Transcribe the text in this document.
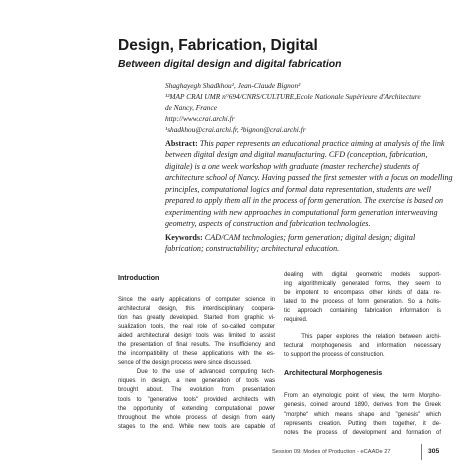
Design, Fabrication, Digital

Between digital design and digital fabrication

Shaghayegh Shadkhou¹, Jean-Claude Bignon²
¹²MAP CRAI UMR n°694/CNRS/CULTURE,Ecole Nationale Supérieure d'Architecture
de Nancy, France
http://www.crai.archi.fr
¹shadkhou@crai.archi.fr, ²bignon@crai.archi.fr

Abstract: This paper represents an educational practice aiming at analysis of the link between digital design and digital manufacturing. CFD (conception, fabrication, digitale) is a one week workshop with graduate (master recherche) students of architecture school of Nancy. Having passed the first semester with a focus on modelling principles, computational logics and formal data representation, students are well prepared to apply them all in the process of form generation. The exercise is based on experimenting with new approaches in computational form generation interweaving geometry, aspects of construction and fabrication technologies.

Keywords: CAD/CAM technologies; form generation; digital design; digital fabrication; constructability; architectural education.

Introduction
Since the early applications of computer science in
architectural design, this interdisciplinary coopera-
tion has greatly developed. Started from graphic vi-
sualization tools, the real role of so-called computer
aided architectural design tools was limited to assist
the presentation of final results. The insufficiency and
the incompatibility of these applications with the es-
sence of the design process were since discussed.
Due to the use of advanced computing tech-
niques in design, a new generation of tools was
brought about. The evolution from presentation
tools to "generative tools" provided architects with
the opportunity of extending computational power
throughout the whole process of design from early
stages to the end. While new tools are capable of
dealing with digital geometric models support-
ing algorithmically generated forms, they seem to
be impotent to encompass other kinds of data re-
lated to the process of form generation. So a holis-
tic approach containing fabrication information is
required.
This paper explores the relation between archi-
tectural morphogenesis and information necessary
to support the process of construction.
Architectural Morphogenesis
From an etymologic point of view, the term Morpho-
genesis, coined around 1890, derives from the Greek
"morphe" which means shape and "genesis" which
represents creation. Putting them together, it de-
notes the process of development and formation of

Session 09: Modes of Production - eCAADe 27	305
